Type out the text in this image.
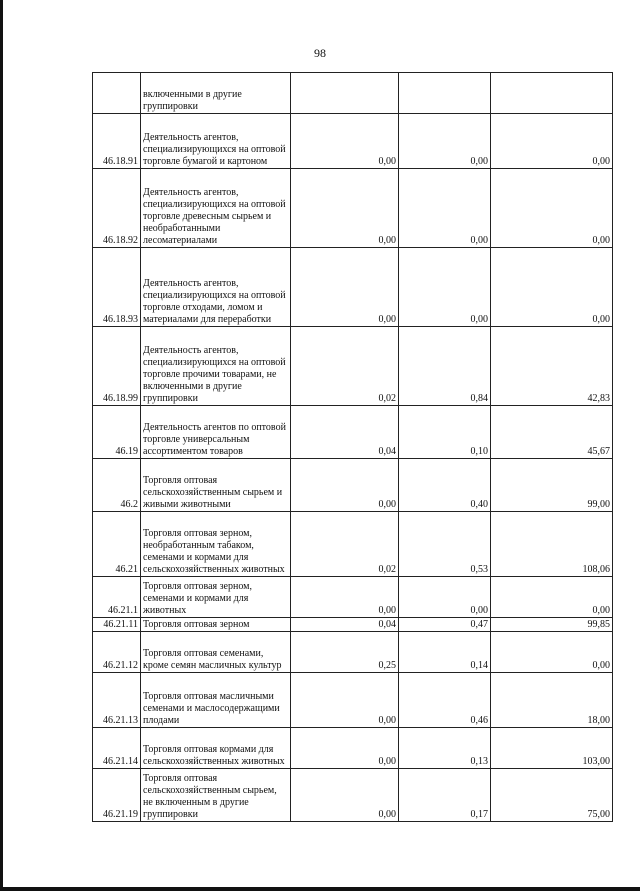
98

	включенными в другие группировки			

46.18.91	Деятельность агентов, специализирующихся на оптовой торговле бумагой и картоном	0,00	0,00	0,00
46.18.92	Деятельность агентов, специализирующихся на оптовой торговле древесным сырьем и необработанными лесоматериалами	0,00	0,00	0,00
46.18.93	Деятельность агентов, специализирующихся на оптовой торговле отходами, ломом и материалами для переработки	0,00	0,00	0,00
46.18.99	Деятельность агентов, специализирующихся на оптовой торговле прочими товарами, не включенными в другие группировки	0,02	0,84	42,83
46.19	Деятельность агентов по оптовой торговле универсальным ассортиментом товаров	0,04	0,10	45,67
46.2	Торговля оптовая сельскохозяйственным сырьем и живыми животными	0,00	0,40	99,00
46.21	Торговля оптовая зерном, необработанным табаком, семенами и кормами для сельскохозяйственных животных	0,02	0,53	108,06
46.21.1	Торговля оптовая зерном, семенами и кормами для животных	0,00	0,00	0,00
46.21.11	Торговля оптовая зерном	0,04	0,47	99,85
46.21.12	Торговля оптовая семенами, кроме семян масличных культур	0,25	0,14	0,00
46.21.13	Торговля оптовая масличными семенами и маслосодержащими плодами	0,00	0,46	18,00
46.21.14	Торговля оптовая кормами для сельскохозяйственных животных	0,00	0,13	103,00
46.21.19	Торговля оптовая сельскохозяйственным сырьем, не включенным в другие группировки	0,00	0,17	75,00
